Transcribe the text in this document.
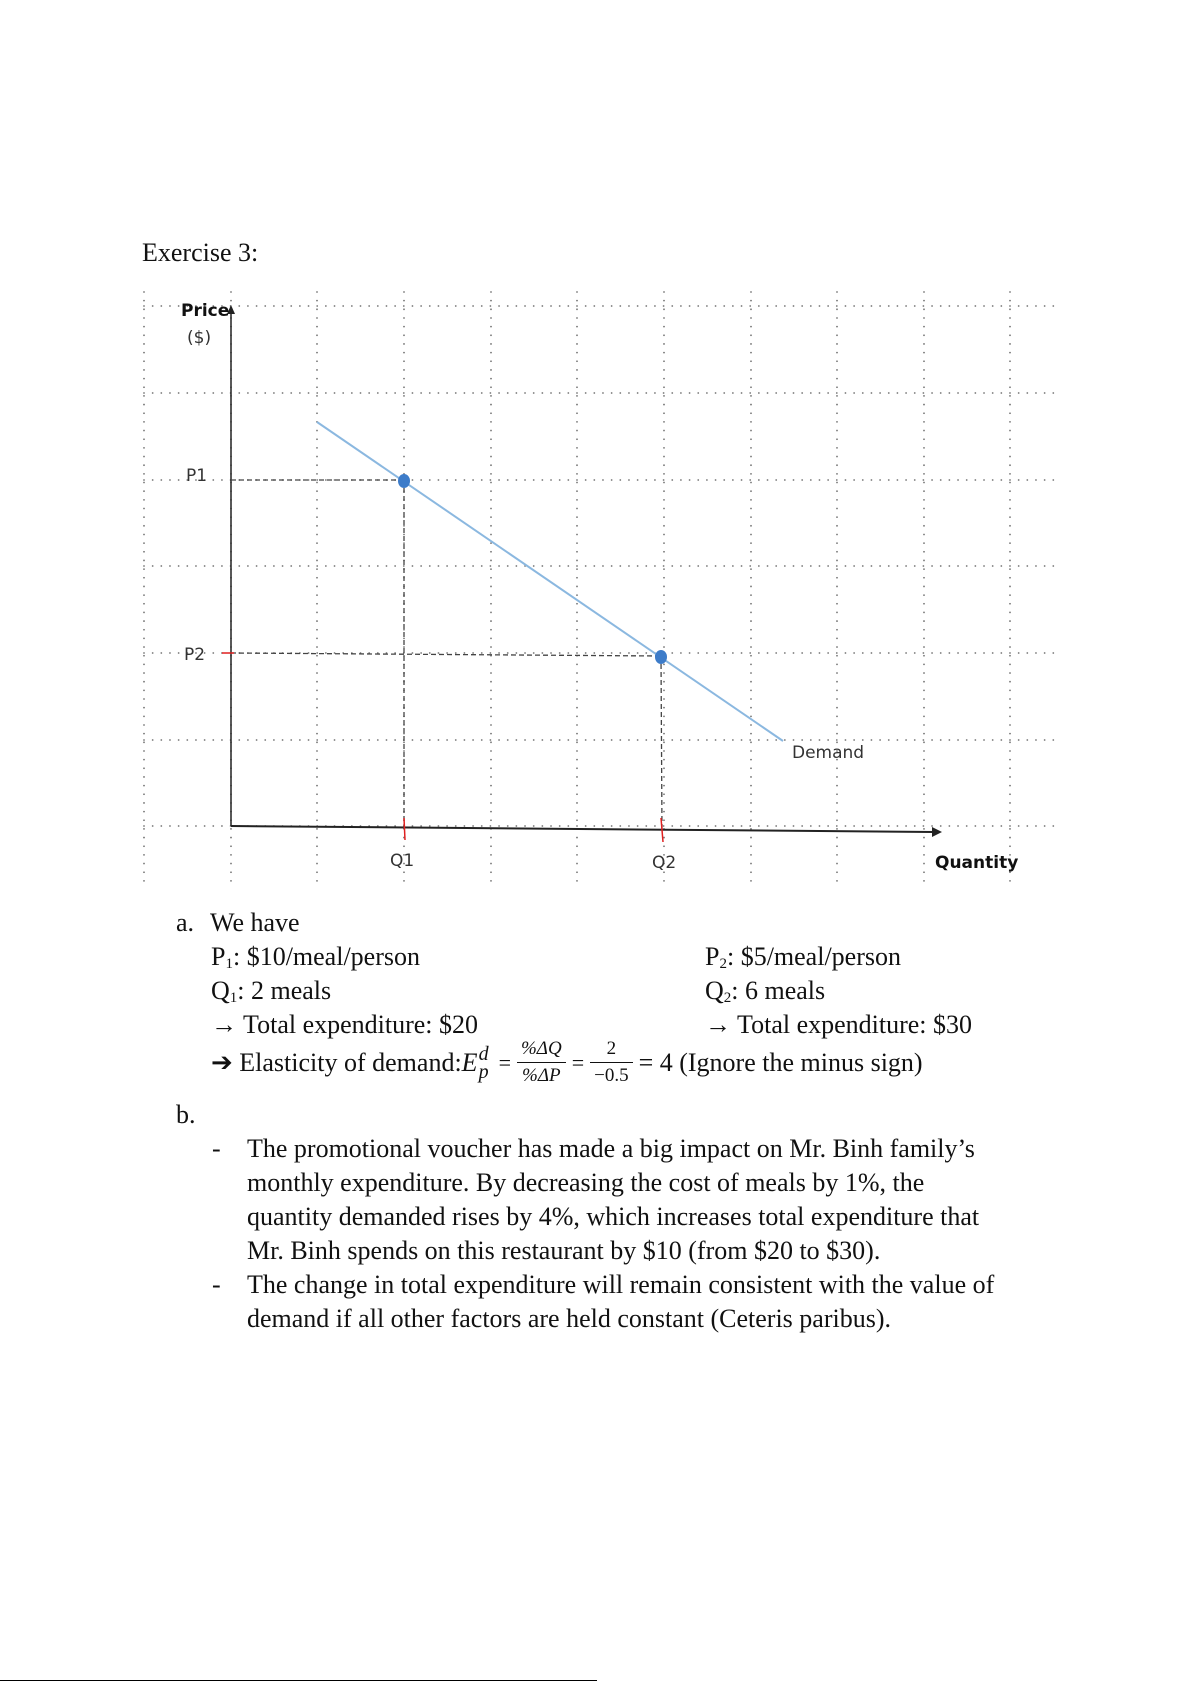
Exercise 3:
Price
($)
P1
P2
Q1	Q2	Quantity
Demand
a. We have
$P_1$: $10/meal/person
$Q_1$: 2 meals
→ Total expenditure: $20
$P_2$: $5/meal/person
$Q_2$: 6 meals
→ Total expenditure: $30
➔ Elasticity of demand: E d
$p = \frac{\%\Delta Q}{\%\Delta P} = \frac{2}{-0.5} = 4$ (Ignore the minus sign)
b.
- The promotional voucher has made a big impact on Mr. Binh family’s
monthly expenditure. By decreasing the cost of meals by 1%, the
quantity demanded rises by 4%, which increases total expenditure that
Mr. Binh spends on this restaurant by $10 (from $20 to $30).
- The change in total expenditure will remain consistent with the value of
demand if all other factors are held constant (Ceteris paribus).
